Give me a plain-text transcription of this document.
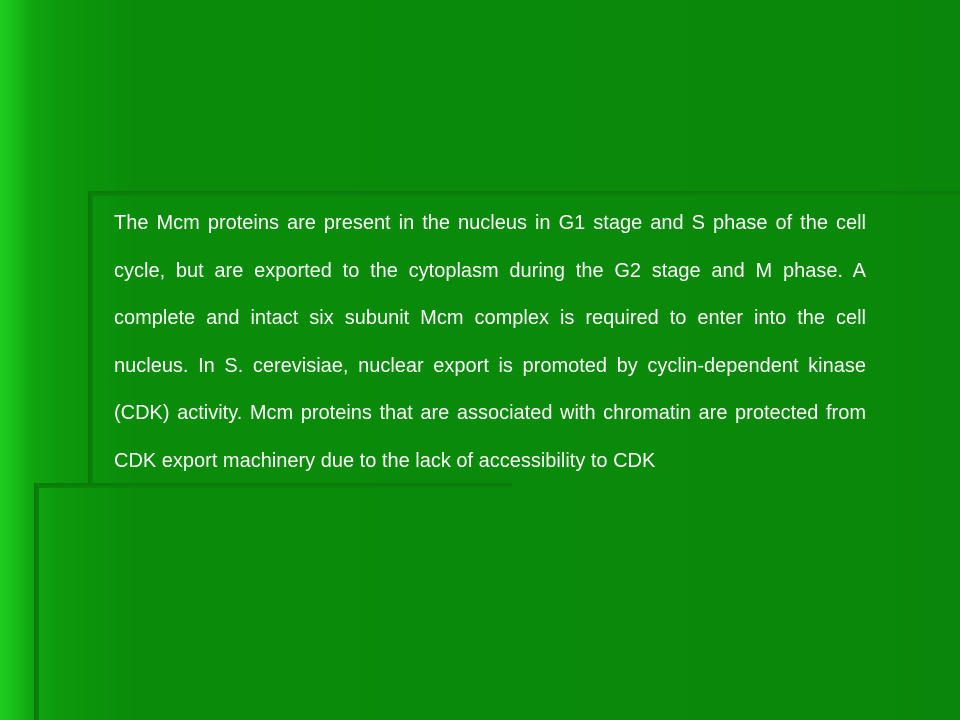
The Mcm proteins are present in the nucleus in G1 stage and S phase of the cell cycle, but are exported to the cytoplasm during the G2 stage and M phase. A complete and intact six subunit Mcm complex is required to enter into the cell nucleus. In S. cerevisiae, nuclear export is promoted by cyclin-dependent kinase (CDK) activity. Mcm proteins that are associated with chromatin are protected from CDK export machinery due to the lack of accessibility to CDK
